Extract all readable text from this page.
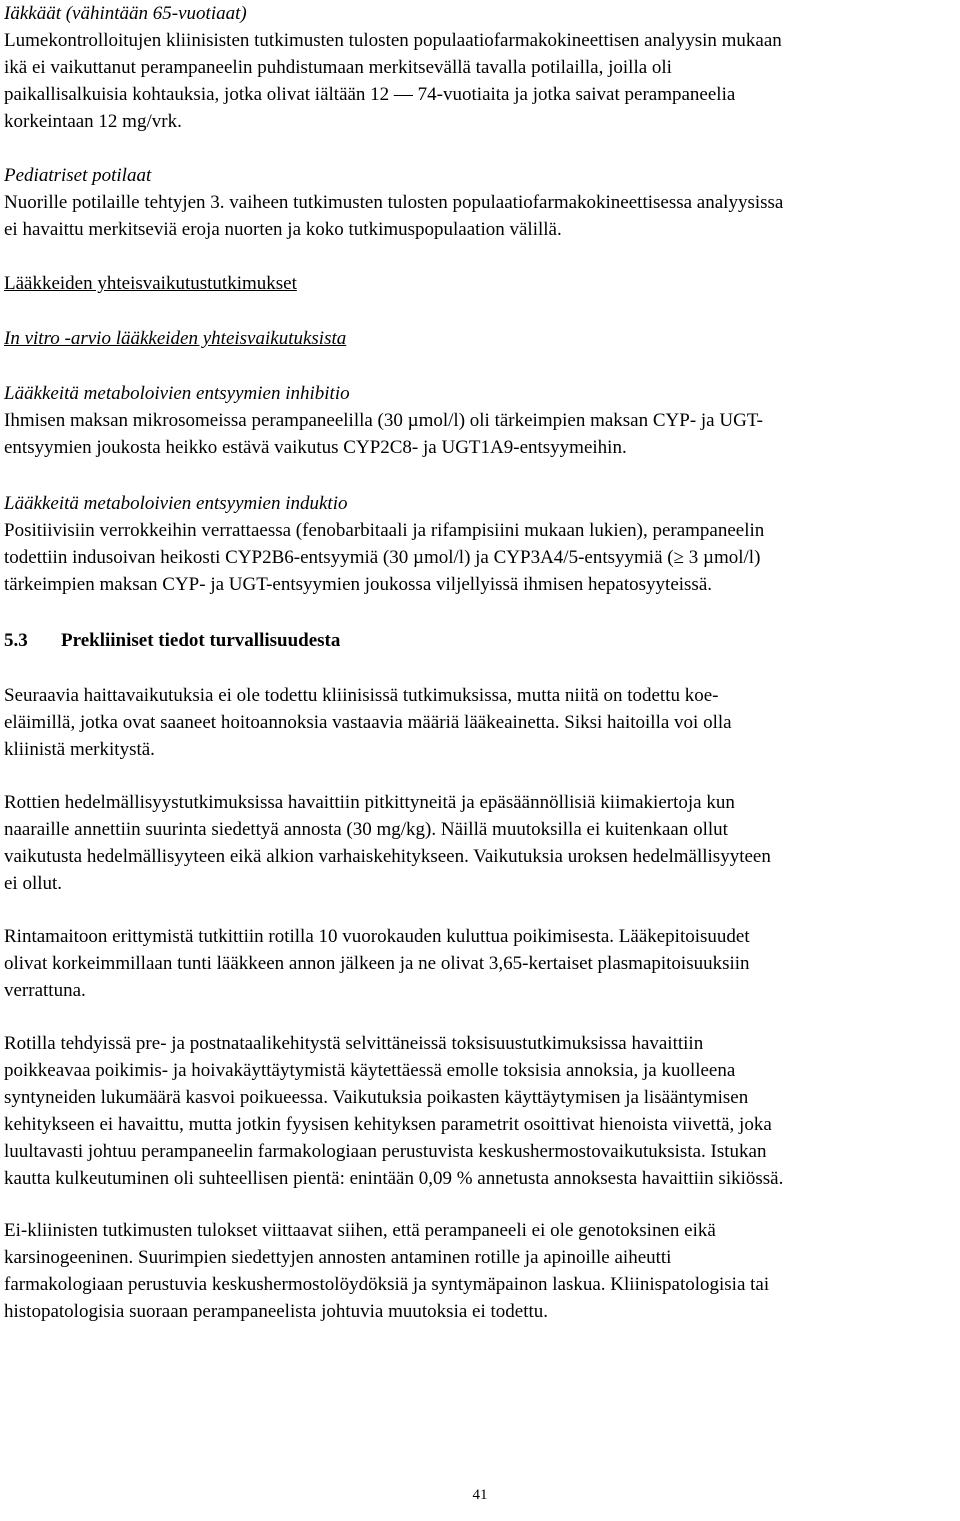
Iäkkäät (vähintään 65-vuotiaat)

Lumekontrolloitujen kliinisisten tutkimusten tulosten populaatiofarmakokineettisen analyysin mukaan
ikä ei vaikuttanut perampaneelin puhdistumaan merkitsevällä tavalla potilailla, joilla oli
paikallisalkuisia kohtauksia, jotka olivat iältään 12 — 74-vuotiaita ja jotka saivat perampaneelia
korkeintaan 12 mg/vrk.

Pediatriset potilaat

Nuorille potilaille tehtyjen 3. vaiheen tutkimusten tulosten populaatiofarmakokineettisessa analyysissa
ei havaittu merkitseviä eroja nuorten ja koko tutkimuspopulaation välillä.

Lääkkeiden yhteisvaikutustutkimukset

In vitro -arvio lääkkeiden yhteisvaikutuksista

Lääkkeitä metaboloivien entsyymien inhibitio

Ihmisen maksan mikrosomeissa perampaneelilla (30 µmol/l) oli tärkeimpien maksan CYP- ja UGT-
entsyymien joukosta heikko estävä vaikutus CYP2C8- ja UGT1A9-entsyymeihin.

Lääkkeitä metaboloivien entsyymien induktio

Positiivisiin verrokkeihin verrattaessa (fenobarbitaali ja rifampisiini mukaan lukien), perampaneelin
todettiin indusoivan heikosti CYP2B6-entsyymiä (30 µmol/l) ja CYP3A4/5-entsyymiä (≥ 3 µmol/l)
tärkeimpien maksan CYP- ja UGT-entsyymien joukossa viljellyissä ihmisen hepatosyyteissä.

5.3 Prekliiniset tiedot turvallisuudesta

Seuraavia haittavaikutuksia ei ole todettu kliinisissä tutkimuksissa, mutta niitä on todettu koe-
eläimillä, jotka ovat saaneet hoitoannoksia vastaavia määriä lääkeainetta. Siksi haitoilla voi olla
kliinistä merkitystä.

Rottien hedelmällisyystutkimuksissa havaittiin pitkittyneitä ja epäsäännöllisiä kiimakiertoja kun
naaraille annettiin suurinta siedettyä annosta (30 mg/kg). Näillä muutoksilla ei kuitenkaan ollut
vaikutusta hedelmällisyyteen eikä alkion varhaiskehitykseen. Vaikutuksia uroksen hedelmällisyyteen
ei ollut.

Rintamaitoon erittymistä tutkittiin rotilla 10 vuorokauden kuluttua poikimisesta. Lääkepitoisuudet
olivat korkeimmillaan tunti lääkkeen annon jälkeen ja ne olivat 3,65-kertaiset plasmapitoisuuksiin
verrattuna.

Rotilla tehdyissä pre- ja postnataalikehitystä selvittäneissä toksisuustutkimuksissa havaittiin
poikkeavaa poikimis- ja hoivakäyttäytymistä käytettäessä emolle toksisia annoksia, ja kuolleena
syntyneiden lukumäärä kasvoi poikueessa. Vaikutuksia poikasten käyttäytymisen ja lisääntymisen
kehitykseen ei havaittu, mutta jotkin fyysisen kehityksen parametrit osoittivat hienoista viivettä, joka
luultavasti johtuu perampaneelin farmakologiaan perustuvista keskushermostovaikutuksista. Istukan
kautta kulkeutuminen oli suhteellisen pientä: enintään 0,09 % annetusta annoksesta havaittiin sikiössä.

Ei-kliinisten tutkimusten tulokset viittaavat siihen, että perampaneeli ei ole genotoksinen eikä
karsinogeeninen. Suurimpien siedettyjen annosten antaminen rotille ja apinoille aiheutti
farmakologiaan perustuvia keskushermostolöydöksiä ja syntymäpainon laskua. Kliinispatologisia tai
histopatologisia suoraan perampaneelista johtuvia muutoksia ei todettu.

41
